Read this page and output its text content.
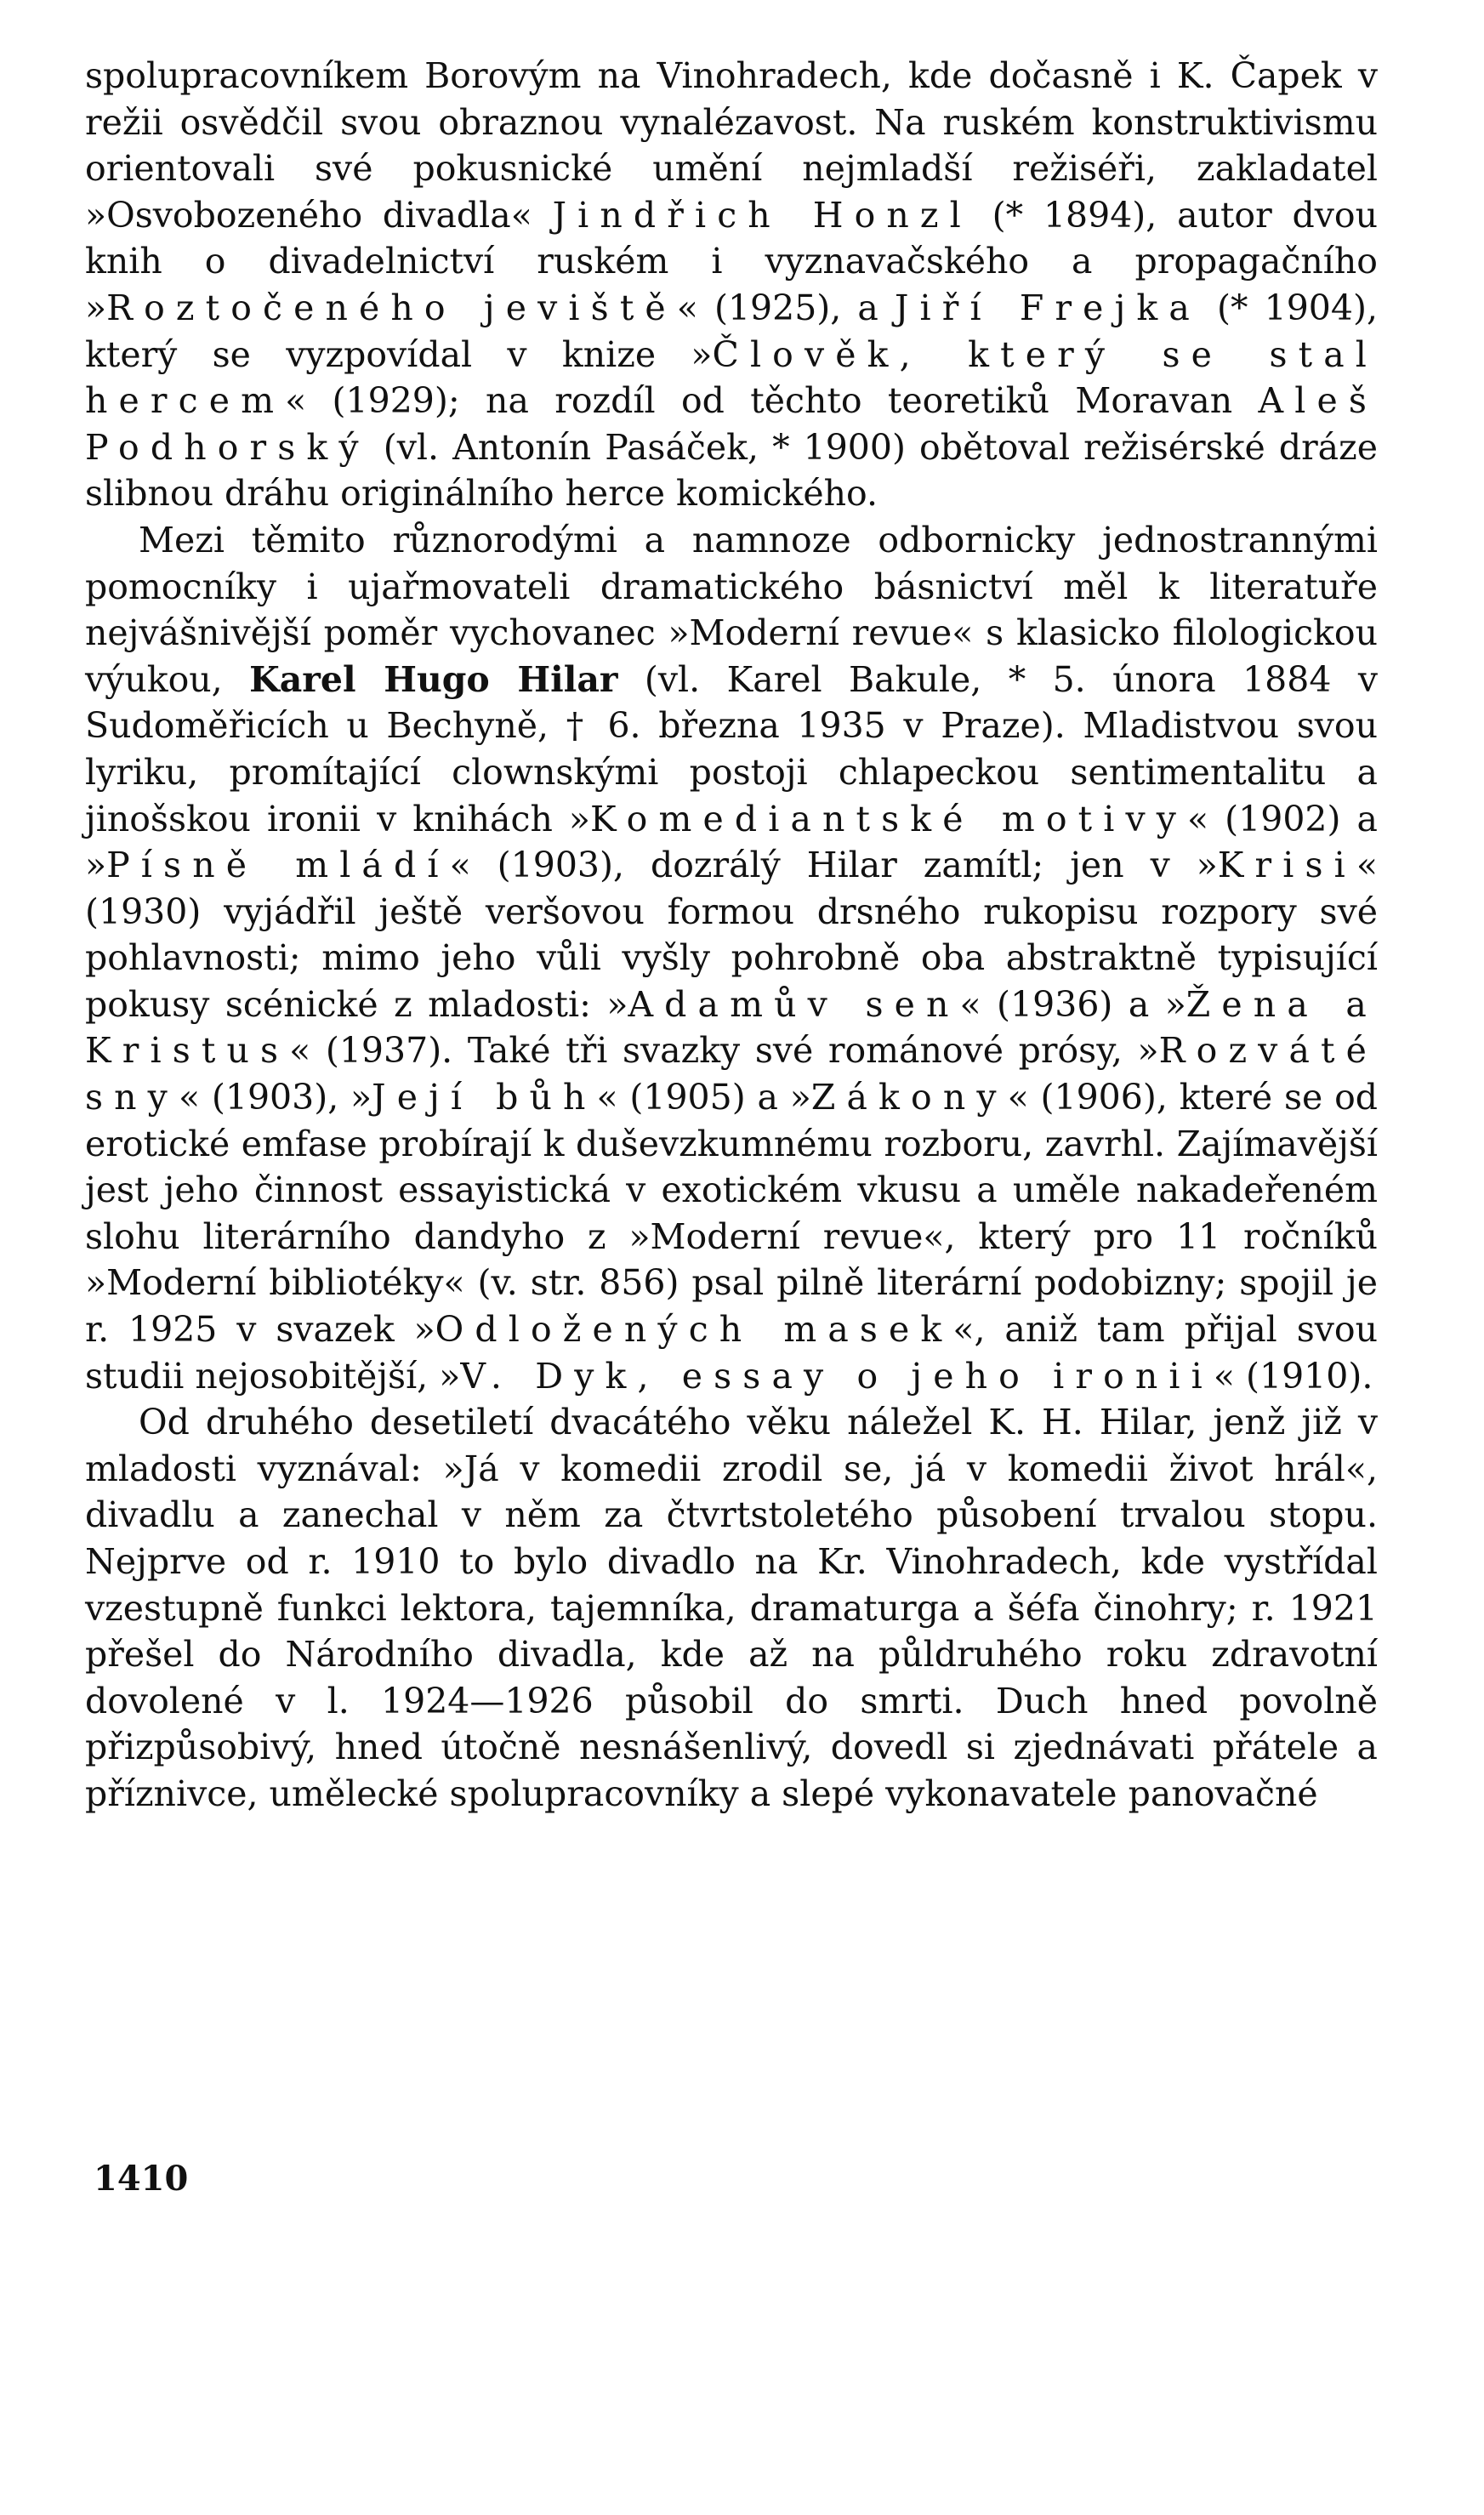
spolupracovníkem Borovým na Vinohradech, kde dočasně i K. Čapek v režii osvědčil svou obraznou vynalézavost. Na ruském konstruktivismu orientovali své pokusnické umění nejmladší režiséři, zakladatel »Osvobozeného divadla« Jindřich Honzl (* 1894), autor dvou knih o divadelnictví ruském i vyznavačského a propagačního »Roztočeného jeviště« (1925), a Jiří Frejka (* 1904), který se vyzpovídal v knize »Člověk, který se stal hercem« (1929); na rozdíl od těchto teoretiků Moravan Aleš Podhorský (vl. Antonín Pasáček, * 1900) obětoval režisérské dráze slibnou dráhu originálního herce komického.

Mezi těmito různorodými a namnoze odbornicky jednostrannými pomocníky i ujařmovateli dramatického básnictví měl k literatuře nejvášnivější poměr vychovanec »Moderní revue« s klasicko filologickou výukou, Karel Hugo Hilar (vl. Karel Bakule, * 5. února 1884 v Sudoměřicích u Bechyně, † 6. března 1935 v Praze). Mladistvou svou lyriku, promítající clownskými postoji chlapeckou sentimentalitu a jinošskou ironii v knihách »Komediantské motivy« (1902) a »Písně mládí« (1903), dozrálý Hilar zamítl; jen v »Krisi« (1930) vyjádřil ještě veršovou formou drsného rukopisu rozpory své pohlavnosti; mimo jeho vůli vyšly pohrobně oba abstraktně typisující pokusy scénické z mladosti: »Adamův sen« (1936) a »Žena a Kristus« (1937). Také tři svazky své románové prósy, »Rozváté sny« (1903), »Její bůh« (1905) a »Zákony« (1906), které se od erotické emfase probírají k duševzkumnému rozboru, zavrhl. Zajímavější jest jeho činnost essayistická v exotickém vkusu a uměle nakadeřeném slohu literárního dandyho z »Moderní revue«, který pro 11 ročníků »Moderní bibliotéky« (v. str. 856) psal pilně literární podobizny; spojil je r. 1925 v svazek »Odložených masek«, aniž tam přijal svou studii nejosobitější, »V. Dyk, essay o jeho ironii« (1910).

Od druhého desetiletí dvacátého věku náležel K. H. Hilar, jenž již v mladosti vyznával: »Já v komedii zrodil se, já v komedii život hrál«, divadlu a zanechal v něm za čtvrtstoletého působení trvalou stopu. Nejprve od r. 1910 to bylo divadlo na Kr. Vinohradech, kde vystřídal vzestupně funkci lektora, tajemníka, dramaturga a šéfa činohry; r. 1921 přešel do Národního divadla, kde až na půldruhého roku zdravotní dovolené v l. 1924—1926 působil do smrti. Duch hned povolně přizpůsobivý, hned útočně nesnášenlivý, dovedl si zjednávati přátele a příznivce, umělecké spolupracovníky a slepé vykonavatele panovačné

1410
